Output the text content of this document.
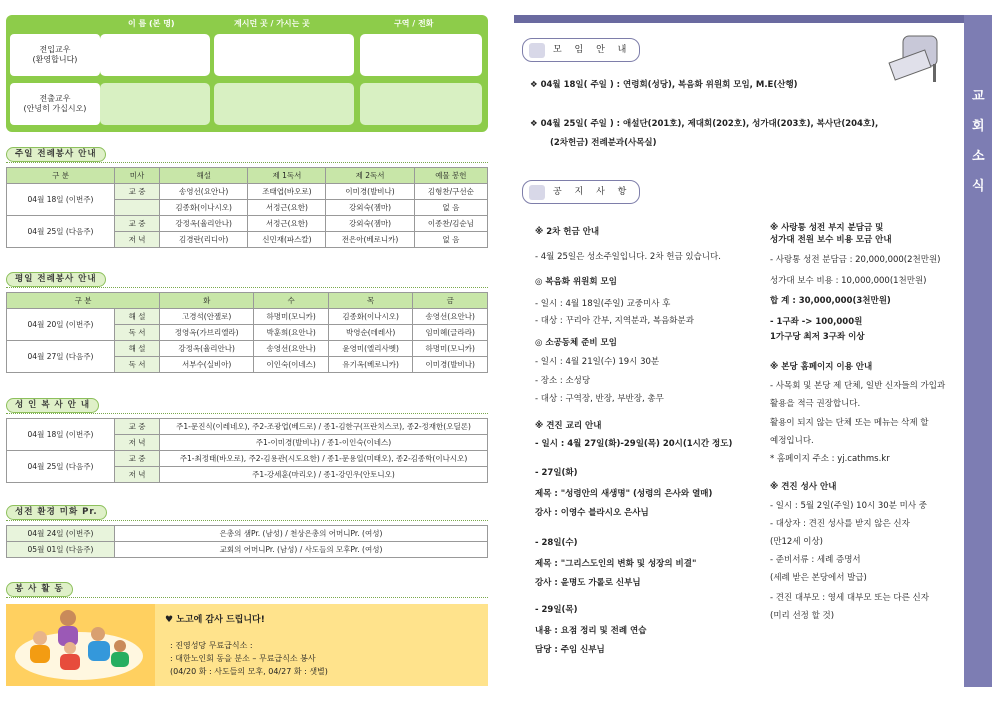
이 름 (본 명)	계시던 곳 / 가시는 곳	구역 / 전화
전입교우
(환영합니다)
전출교우
(안녕히 가십시오)
주일 전례봉사 안내
구 분	미사	해설	제 1독서	제 2독서	예물 봉헌
04월 18일 (이번주)	교 중	송영선(요안나)	조태엽(바오로)	이미경(발비나)	김형찬/구선순
		김종화(이나시오)	서정근(요한)	강외숙(젬마)	없 음
04월 25일 (다음주)	교 중	강정옥(율리안나)	서정근(요한)	강외숙(젬마)	이종찬/김순님
	저 녁	김경란(리디아)	신민재(파스칼)	전은아(베로니카)	없 음
평일 전례봉사 안내
구 분		화	수	목	금
04월 20일 (이번주)	해 설	고경석(안젤로)	하명미(모니카)	김종화(이나시오)	송영선(요안나)
	독 서	정영옥(가브리엘라)	박훈희(요안나)	박영순(데레사)	임미혜(글라라)
04월 27일 (다음주)	해 설	강정옥(율리안나)	송영선(요안나)	윤영미(엘리사벳)	하명미(모니카)
	독 서	서부수(실비아)	이인숙(이네스)	유기옥(베로니카)	이미경(발비나)
성 인 복 사 안 내
04월 18일 (이번주)	교 중	주1-문진식(이레네오), 주2-조광업(베드로) / 종1-김한구(프란치스코), 종2-정재한(오딜론)
	저 녁	주1-이미경(발비나) / 종1-이인숙(이네스)
04월 25일 (다음주)	교 중	주1-최정태(바오로), 주2-김용관(시도요한) / 종1-문용일(미태오), 종2-김종학(이나시오)
	저 녁	주1-강세훈(마리오) / 종1-강민우(안토니오)
성전 환경 미화 Pr.
04월 24일 (이번주)	은총의 샘Pr. (남성) / 천상은총의 어머니Pr. (여성)
05월 01일 (다음주)	교회의 어머니Pr. (남성) / 사도들의 모후Pr. (여성)
봉 사 활 동
♥ 노고에 감사 드립니다!
: 진영성당 무료급식소 :
: 대한노인회 동을 분소 – 무료급식소 봉사
(04/20 화 : 사도들의 모후, 04/27 화 : 샛별)
교
회
소
식
모 임 안 내
❖ 04월 18일( 주일 ) : 연령회(성당), 복음화 위원회 모임, M.E(산행)
❖ 04월 25일( 주일 ) : 애설단(201호), 제대회(202호), 성가대(203호), 복사단(204호),
(2차헌금) 전례분과(사목실)
공 지 사 항
※ 2차 헌금 안내
- 4월 25일은 성소주일입니다. 2차 헌금 있습니다.
◎ 복음화 위원회 모임
- 일시 : 4월 18일(주일) 교중미사 후
- 대상 : 꾸리아 간부, 지역분과, 복음화분과
◎ 소공동체 준비 모임
- 일시 : 4월 21일(수) 19시 30분
- 장소 : 소성당
- 대상 : 구역장, 반장, 부반장, 총무
※ 견진 교리 안내
- 일시 : 4월 27일(화)-29일(목) 20시(1시간 정도)
- 27일(화)
제목 : "성령안의 새생명" (성령의 은사와 열매)
강사 : 이영수 블라시오 은사님
- 28일(수)
제목 : "그리스도인의 변화 및 성장의 비결"
강사 : 윤명도 가롤로 신부님
- 29일(목)
내용 : 요점 정리 및 전례 연습
담당 : 주임 신부님
※ 사랑통 성전 부지 분담금 및
성가대 전원 보수 비용 모금 안내
- 사랑통 성전 분담금 : 20,000,000(2천만원)
성가대 보수 비용 : 10,000,000(1천만원)
합 계 : 30,000,000(3천만원)
- 1구좌 -> 100,000원
1가구당 최저 3구좌 이상
※ 본당 홈페이지 이용 안내
- 사목회 및 본당 제 단체, 일반 신자들의 가입과
활용을 적극 권장합니다.
활용이 되지 않는 단체 또는 메뉴는 삭제 할
예정입니다.
* 홈페이지 주소 : yj.cathms.kr
※ 견진 성사 안내
- 일시 : 5월 2일(주일) 10시 30분 미사 중
- 대상자 : 견진 성사를 받지 않은 신자
(만12세 이상)
- 준비서류 : 세례 증명서
(세례 받은 본당에서 발급)
- 견진 대부모 : 영세 대부모 또는 다른 신자
(미리 선정 할 것)
